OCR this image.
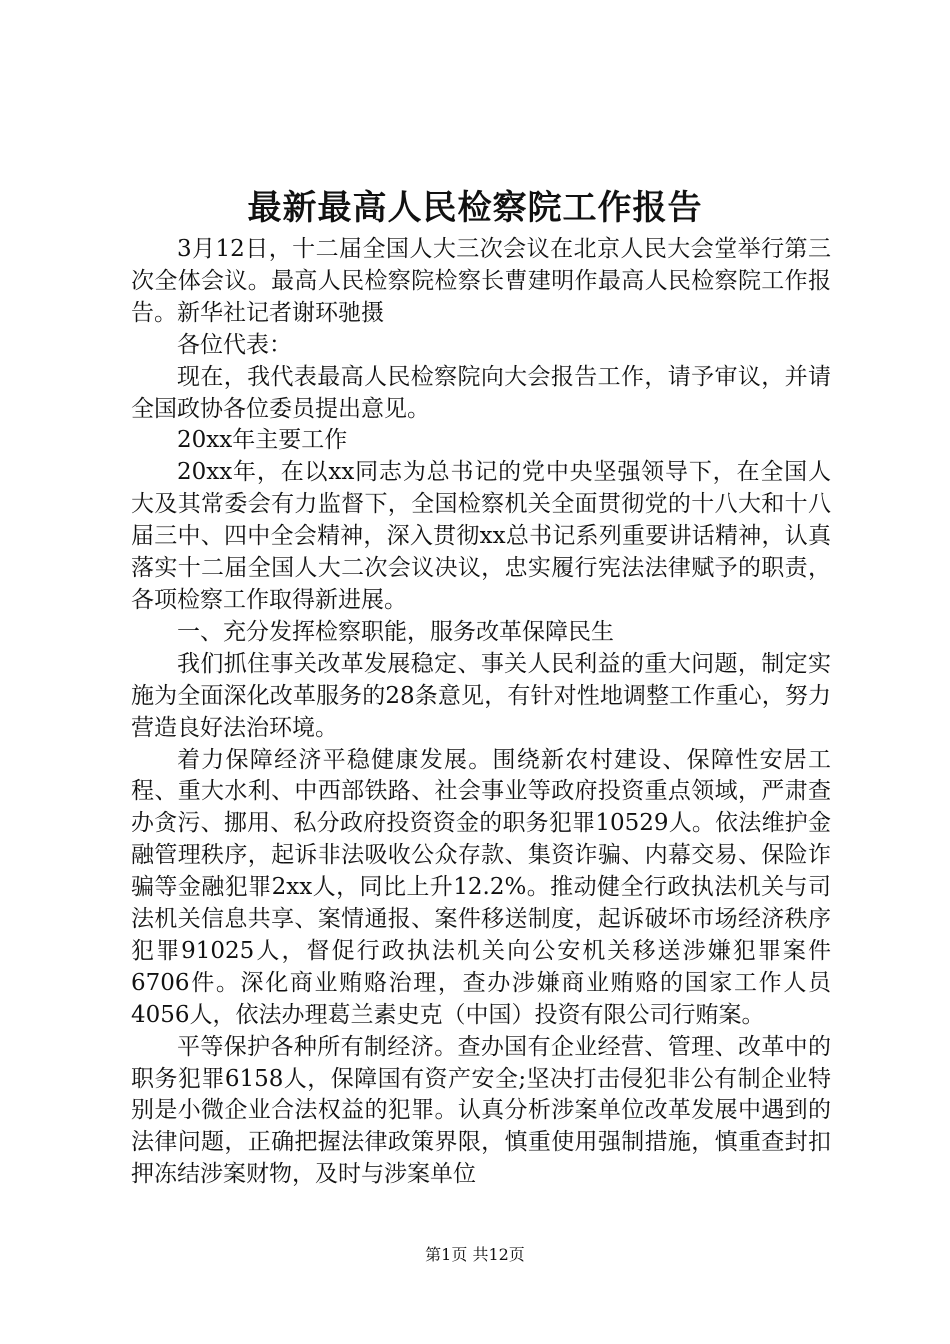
最新最高人民检察院工作报告

3月12日，十二届全国人大三次会议在北京人民大会堂举行第三次全体会议。最高人民检察院检察长曹建明作最高人民检察院工作报告。新华社记者谢环驰摄

各位代表：

现在，我代表最高人民检察院向大会报告工作，请予审议，并请全国政协各位委员提出意见。

20xx年主要工作

20xx年，在以xx同志为总书记的党中央坚强领导下，在全国人大及其常委会有力监督下，全国检察机关全面贯彻党的十八大和十八届三中、四中全会精神，深入贯彻xx总书记系列重要讲话精神，认真落实十二届全国人大二次会议决议，忠实履行宪法法律赋予的职责，各项检察工作取得新进展。

一、充分发挥检察职能，服务改革保障民生

我们抓住事关改革发展稳定、事关人民利益的重大问题，制定实施为全面深化改革服务的28条意见，有针对性地调整工作重心，努力营造良好法治环境。

着力保障经济平稳健康发展。围绕新农村建设、保障性安居工程、重大水利、中西部铁路、社会事业等政府投资重点领域，严肃查办贪污、挪用、私分政府投资资金的职务犯罪10529人。依法维护金融管理秩序，起诉非法吸收公众存款、集资诈骗、内幕交易、保险诈骗等金融犯罪2xx人，同比上升12.2%。推动健全行政执法机关与司法机关信息共享、案情通报、案件移送制度，起诉破坏市场经济秩序犯罪91025人，督促行政执法机关向公安机关移送涉嫌犯罪案件6706件。深化商业贿赂治理，查办涉嫌商业贿赂的国家工作人员4056人，依法办理葛兰素史克（中国）投资有限公司行贿案。

平等保护各种所有制经济。查办国有企业经营、管理、改革中的职务犯罪6158人，保障国有资产安全;坚决打击侵犯非公有制企业特别是小微企业合法权益的犯罪。认真分析涉案单位改革发展中遇到的法律问题，正确把握法律政策界限，慎重使用强制措施，慎重查封扣押冻结涉案财物，及时与涉案单位

第1页 共12页
